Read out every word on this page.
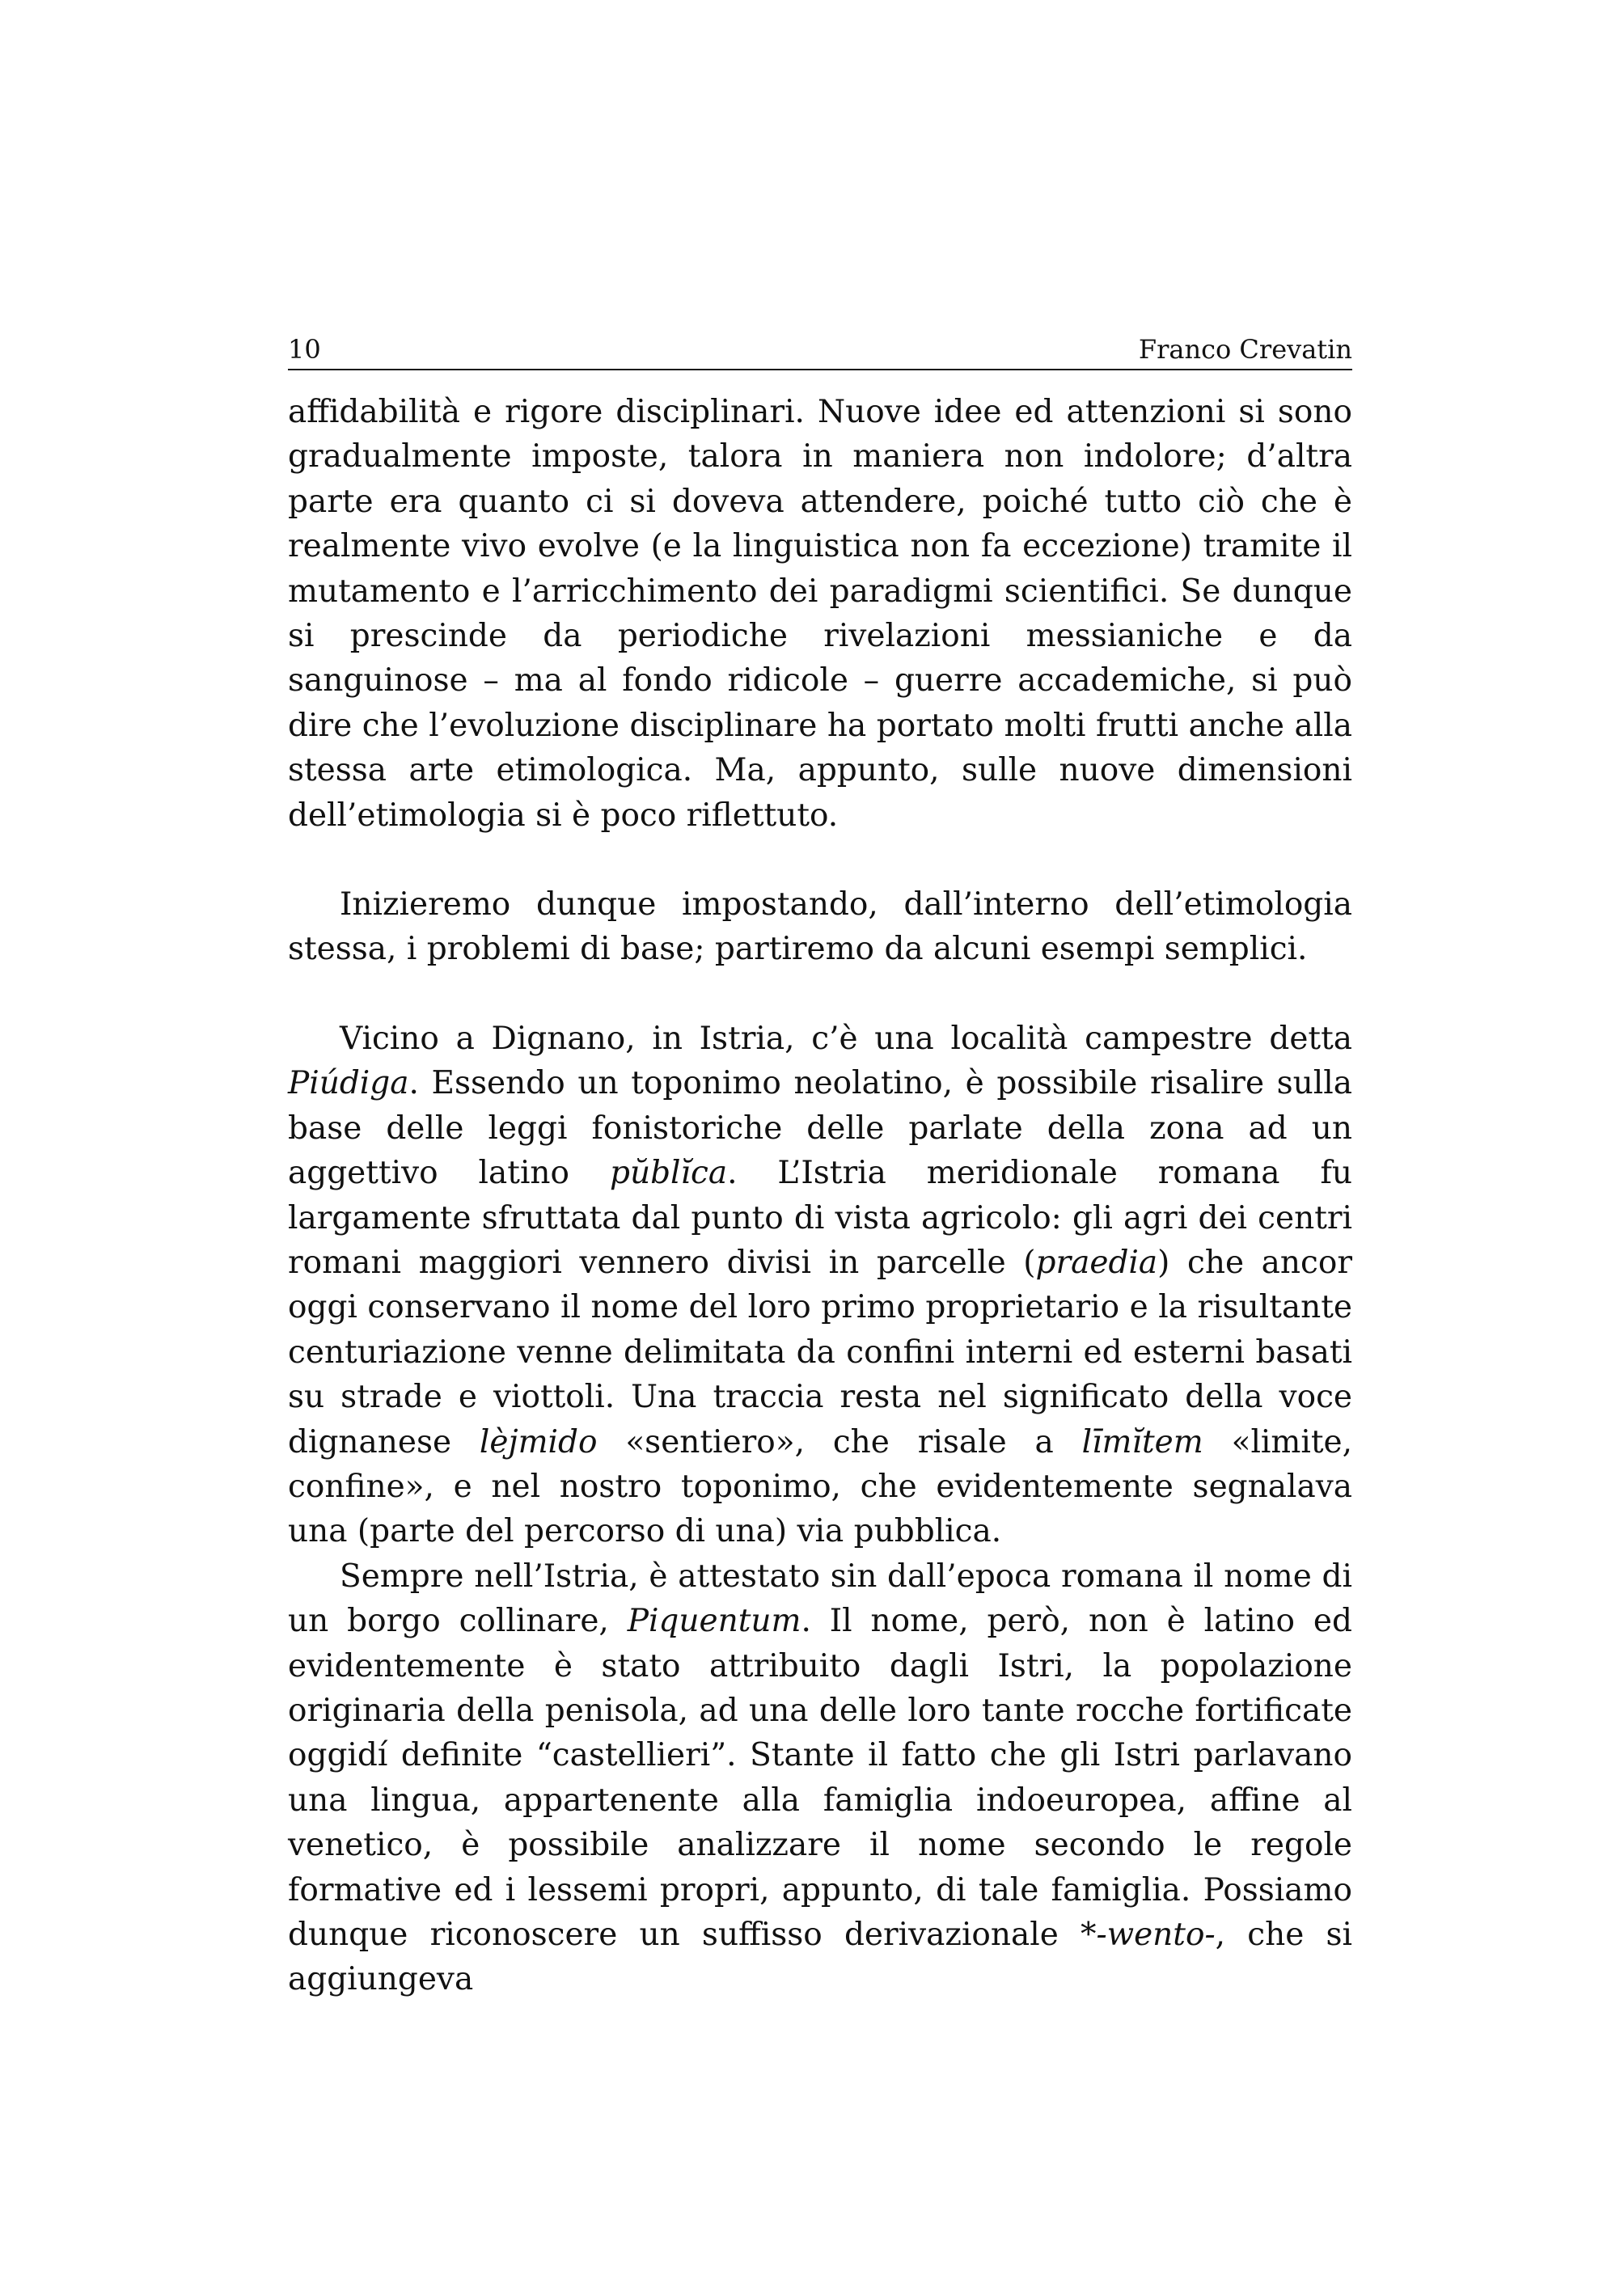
10	Franco Crevatin

affidabilità e rigore disciplinari. Nuove idee ed attenzioni si sono gradualmente imposte, talora in maniera non indolore; d’altra parte era quanto ci si doveva attendere, poiché tutto ciò che è realmente vivo evolve (e la linguistica non fa eccezione) tramite il mutamento e l’arricchimento dei paradigmi scientifici. Se dunque si prescinde da periodiche rivelazioni messianiche e da sanguinose – ma al fondo ridicole – guerre accademiche, si può dire che l’evoluzione disciplinare ha portato molti frutti anche alla stessa arte etimologica. Ma, appunto, sulle nuove dimensioni dell’etimologia si è poco riflettuto.

Inizieremo dunque impostando, dall’interno dell’etimologia stessa, i problemi di base; partiremo da alcuni esempi semplici.

Vicino a Dignano, in Istria, c’è una località campestre detta Piúdiga. Essendo un toponimo neolatino, è possibile risalire sulla base delle leggi fonistoriche delle parlate della zona ad un aggettivo latino pŭblĭca. L’Istria meridionale romana fu largamente sfruttata dal punto di vista agricolo: gli agri dei centri romani maggiori vennero divisi in parcelle (praedia) che ancor oggi conservano il nome del loro primo proprietario e la risultante centuriazione venne delimitata da confini interni ed esterni basati su strade e viottoli. Una traccia resta nel significato della voce dignanese lèjmido «sentiero», che risale a līmĭtem «limite, confine», e nel nostro toponimo, che evidentemente segnalava una (parte del percorso di una) via pubblica.

Sempre nell’Istria, è attestato sin dall’epoca romana il nome di un borgo collinare, Piquentum. Il nome, però, non è latino ed evidentemente è stato attribuito dagli Istri, la popolazione originaria della penisola, ad una delle loro tante rocche fortificate oggidí definite “castellieri”. Stante il fatto che gli Istri parlavano una lingua, appartenente alla famiglia indoeuropea, affine al venetico, è possibile analizzare il nome secondo le regole formative ed i lessemi propri, appunto, di tale famiglia. Possiamo dunque riconoscere un suffisso derivazionale *-wento-, che si aggiungeva
